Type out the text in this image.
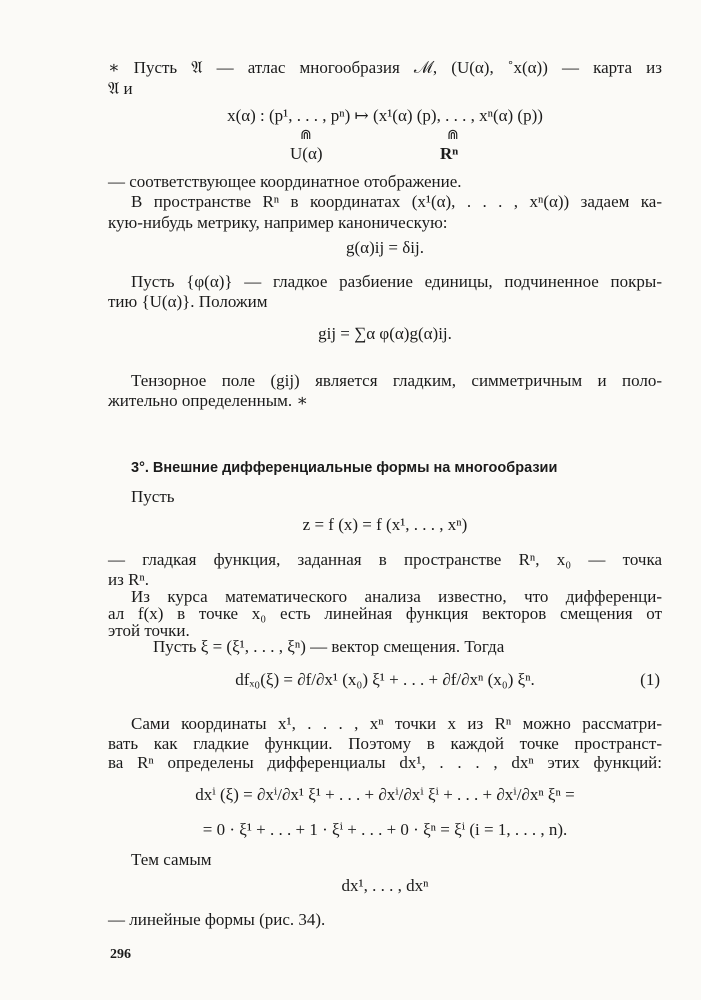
∗ Пусть 𝔄 — атлас многообразия ℳ, (U(α), ˚x(α)) — карта из
𝔄 и
x(α) : (p¹, . . . , pⁿ) ↦ (x¹(α) (p), . . . , xⁿ(α) (p))
⋒	⋒
U(α)	Rⁿ
— соответствующее координатное отображение.
В пространстве Rⁿ в координатах (x¹(α), . . . , xⁿ(α)) задаем ка-
кую-нибудь метрику, например каноническую:
g(α)ij = δij.
Пусть {φ(α)} — гладкое разбиение единицы, подчиненное покры-
тию {U(α)}. Положим
gij = ∑α φ(α)g(α)ij.
Тензорное поле (gij) является гладким, симметричным и поло-
жительно определенным. ∗
3°. Внешние дифференциальные формы на многообразии
Пусть
z = f (x) = f (x¹, . . . , xⁿ)
— гладкая функция, заданная в пространстве Rⁿ, x₀ — точка
из Rⁿ.
Из курса математического анализа известно, что дифференци-
ал f(x) в точке x₀ есть линейная функция векторов смещения от
этой точки.
Пусть ξ = (ξ¹, . . . , ξⁿ) — вектор смещения. Тогда
dfₓ₀(ξ) = ∂f/∂x¹ (x₀) ξ¹ + . . . + ∂f/∂xⁿ (x₀) ξⁿ.	(1)
Сами координаты x¹, . . . , xⁿ точки x из Rⁿ можно рассматри-
вать как гладкие функции. Поэтому в каждой точке пространст-
ва Rⁿ определены дифференциалы dx¹, . . . , dxⁿ этих функций:
dxⁱ (ξ) = ∂xⁱ/∂x¹ ξ¹ + . . . + ∂xⁱ/∂xⁱ ξⁱ + . . . + ∂xⁱ/∂xⁿ ξⁿ =
= 0 · ξ¹ + . . . + 1 · ξⁱ + . . . + 0 · ξⁿ = ξⁱ (i = 1, . . . , n).
Тем самым
dx¹, . . . , dxⁿ
— линейные формы (рис. 34).
296
